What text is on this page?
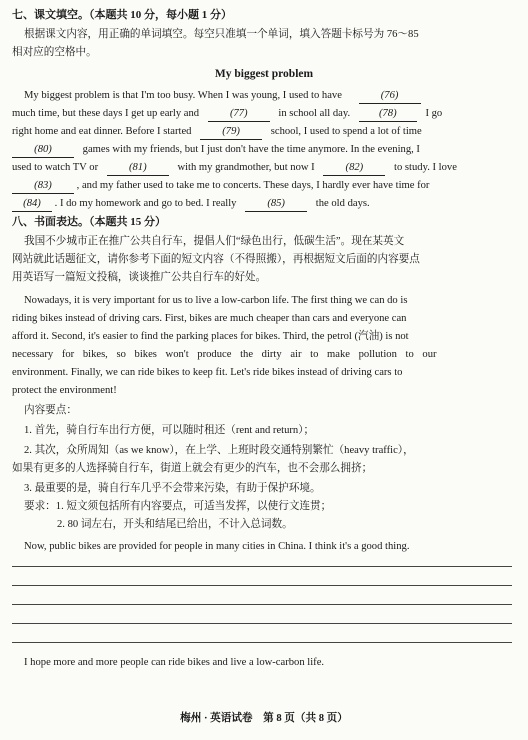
七、课文填空。（本题共 10 分，每小题 1 分）
根据课文内容，用正确的单词填空。每空只准填一个单词，填入答题卡标号为 76～85
相对应的空格中。
My biggest problem
My biggest problem is that I'm too busy. When I was young, I used to have	(76)
much time, but these days I get up early and	(77)	in school all day.	(78)	I go
right home and eat dinner. Before I started	(79)	school, I used to spend a lot of time
(80)	games with my friends, but I just don't have the time anymore. In the evening, I
used to watch TV or	(81)	with my grandmother, but now I	(82)	to study. I love
(83) , and my father used to take me to concerts. These days, I hardly ever have time for
(84) . I do my homework and go to bed. I really	(85)	the old days.
八、书面表达。（本题共 15 分）
我国不少城市正在推广公共自行车，提倡人们“绿色出行，低碳生活”。现在某英文
网站就此话题征文，请你参考下面的短文内容（不得照搬），再根据短文后面的内容要点
用英语写一篇短文投稿，谈谈推广公共自行车的好处。
Nowadays, it is very important for us to live a low-carbon life. The first thing we can do is
riding bikes instead of driving cars. First, bikes are much cheaper than cars and everyone can
afford it. Second, it's easier to find the parking places for bikes. Third, the petrol (汽油) is not
necessary for bikes, so bikes won't produce the dirty air to make pollution to our
environment. Finally, we can ride bikes to keep fit. Let's ride bikes instead of driving cars to
protect the environment!
内容要点：
1. 首先，骑自行车出行方便，可以随时租还（rent and return）；
2. 其次，众所周知（as we know），在上学、上班时段交通特别繁忙（heavy traffic），
如果有更多的人选择骑自行车，街道上就会有更少的汽车，也不会那么拥挤；
3. 最重要的是，骑自行车几乎不会带来污染，有助于保护环境。
要求：1. 短文须包括所有内容要点，可适当发挥，以使行文连贯；
2. 80 词左右，开头和结尾已给出，不计入总词数。
Now, public bikes are provided for people in many cities in China. I think it's a good thing.
I hope more and more people can ride bikes and live a low-carbon life.
梅州 · 英语试卷　第 8 页（共 8 页）
